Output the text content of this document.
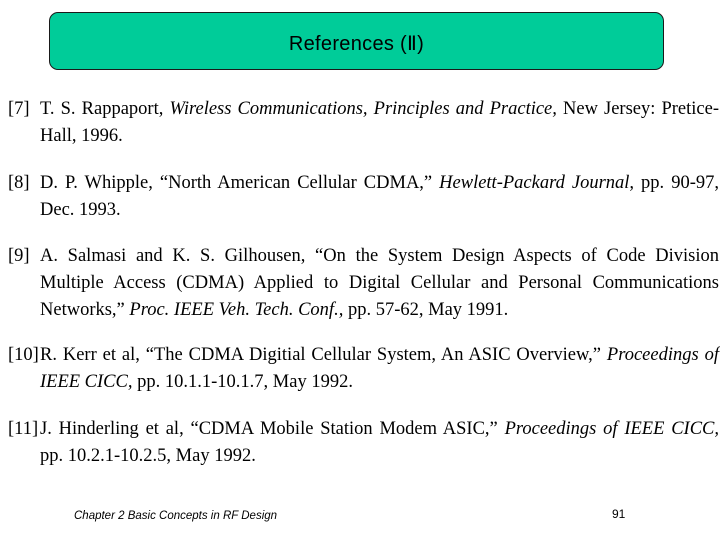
References (Ⅱ)
[7] T. S. Rappaport, Wireless Communications, Principles and Practice, New Jersey: Pretice-Hall, 1996.
[8] D. P. Whipple, “North American Cellular CDMA,” Hewlett-Packard Journal, pp. 90-97, Dec. 1993.
[9] A. Salmasi and K. S. Gilhousen, “On the System Design Aspects of Code Division Multiple Access (CDMA) Applied to Digital Cellular and Personal Communications Networks,” Proc. IEEE Veh. Tech. Conf., pp. 57-62, May 1991.
[10] R. Kerr et al, “The CDMA Digitial Cellular System, An ASIC Overview,” Proceedings of IEEE CICC, pp. 10.1.1-10.1.7, May 1992.
[11] J. Hinderling et al, “CDMA Mobile Station Modem ASIC,” Proceedings of IEEE CICC, pp. 10.2.1-10.2.5, May 1992.
Chapter 2 Basic Concepts in RF Design	91
